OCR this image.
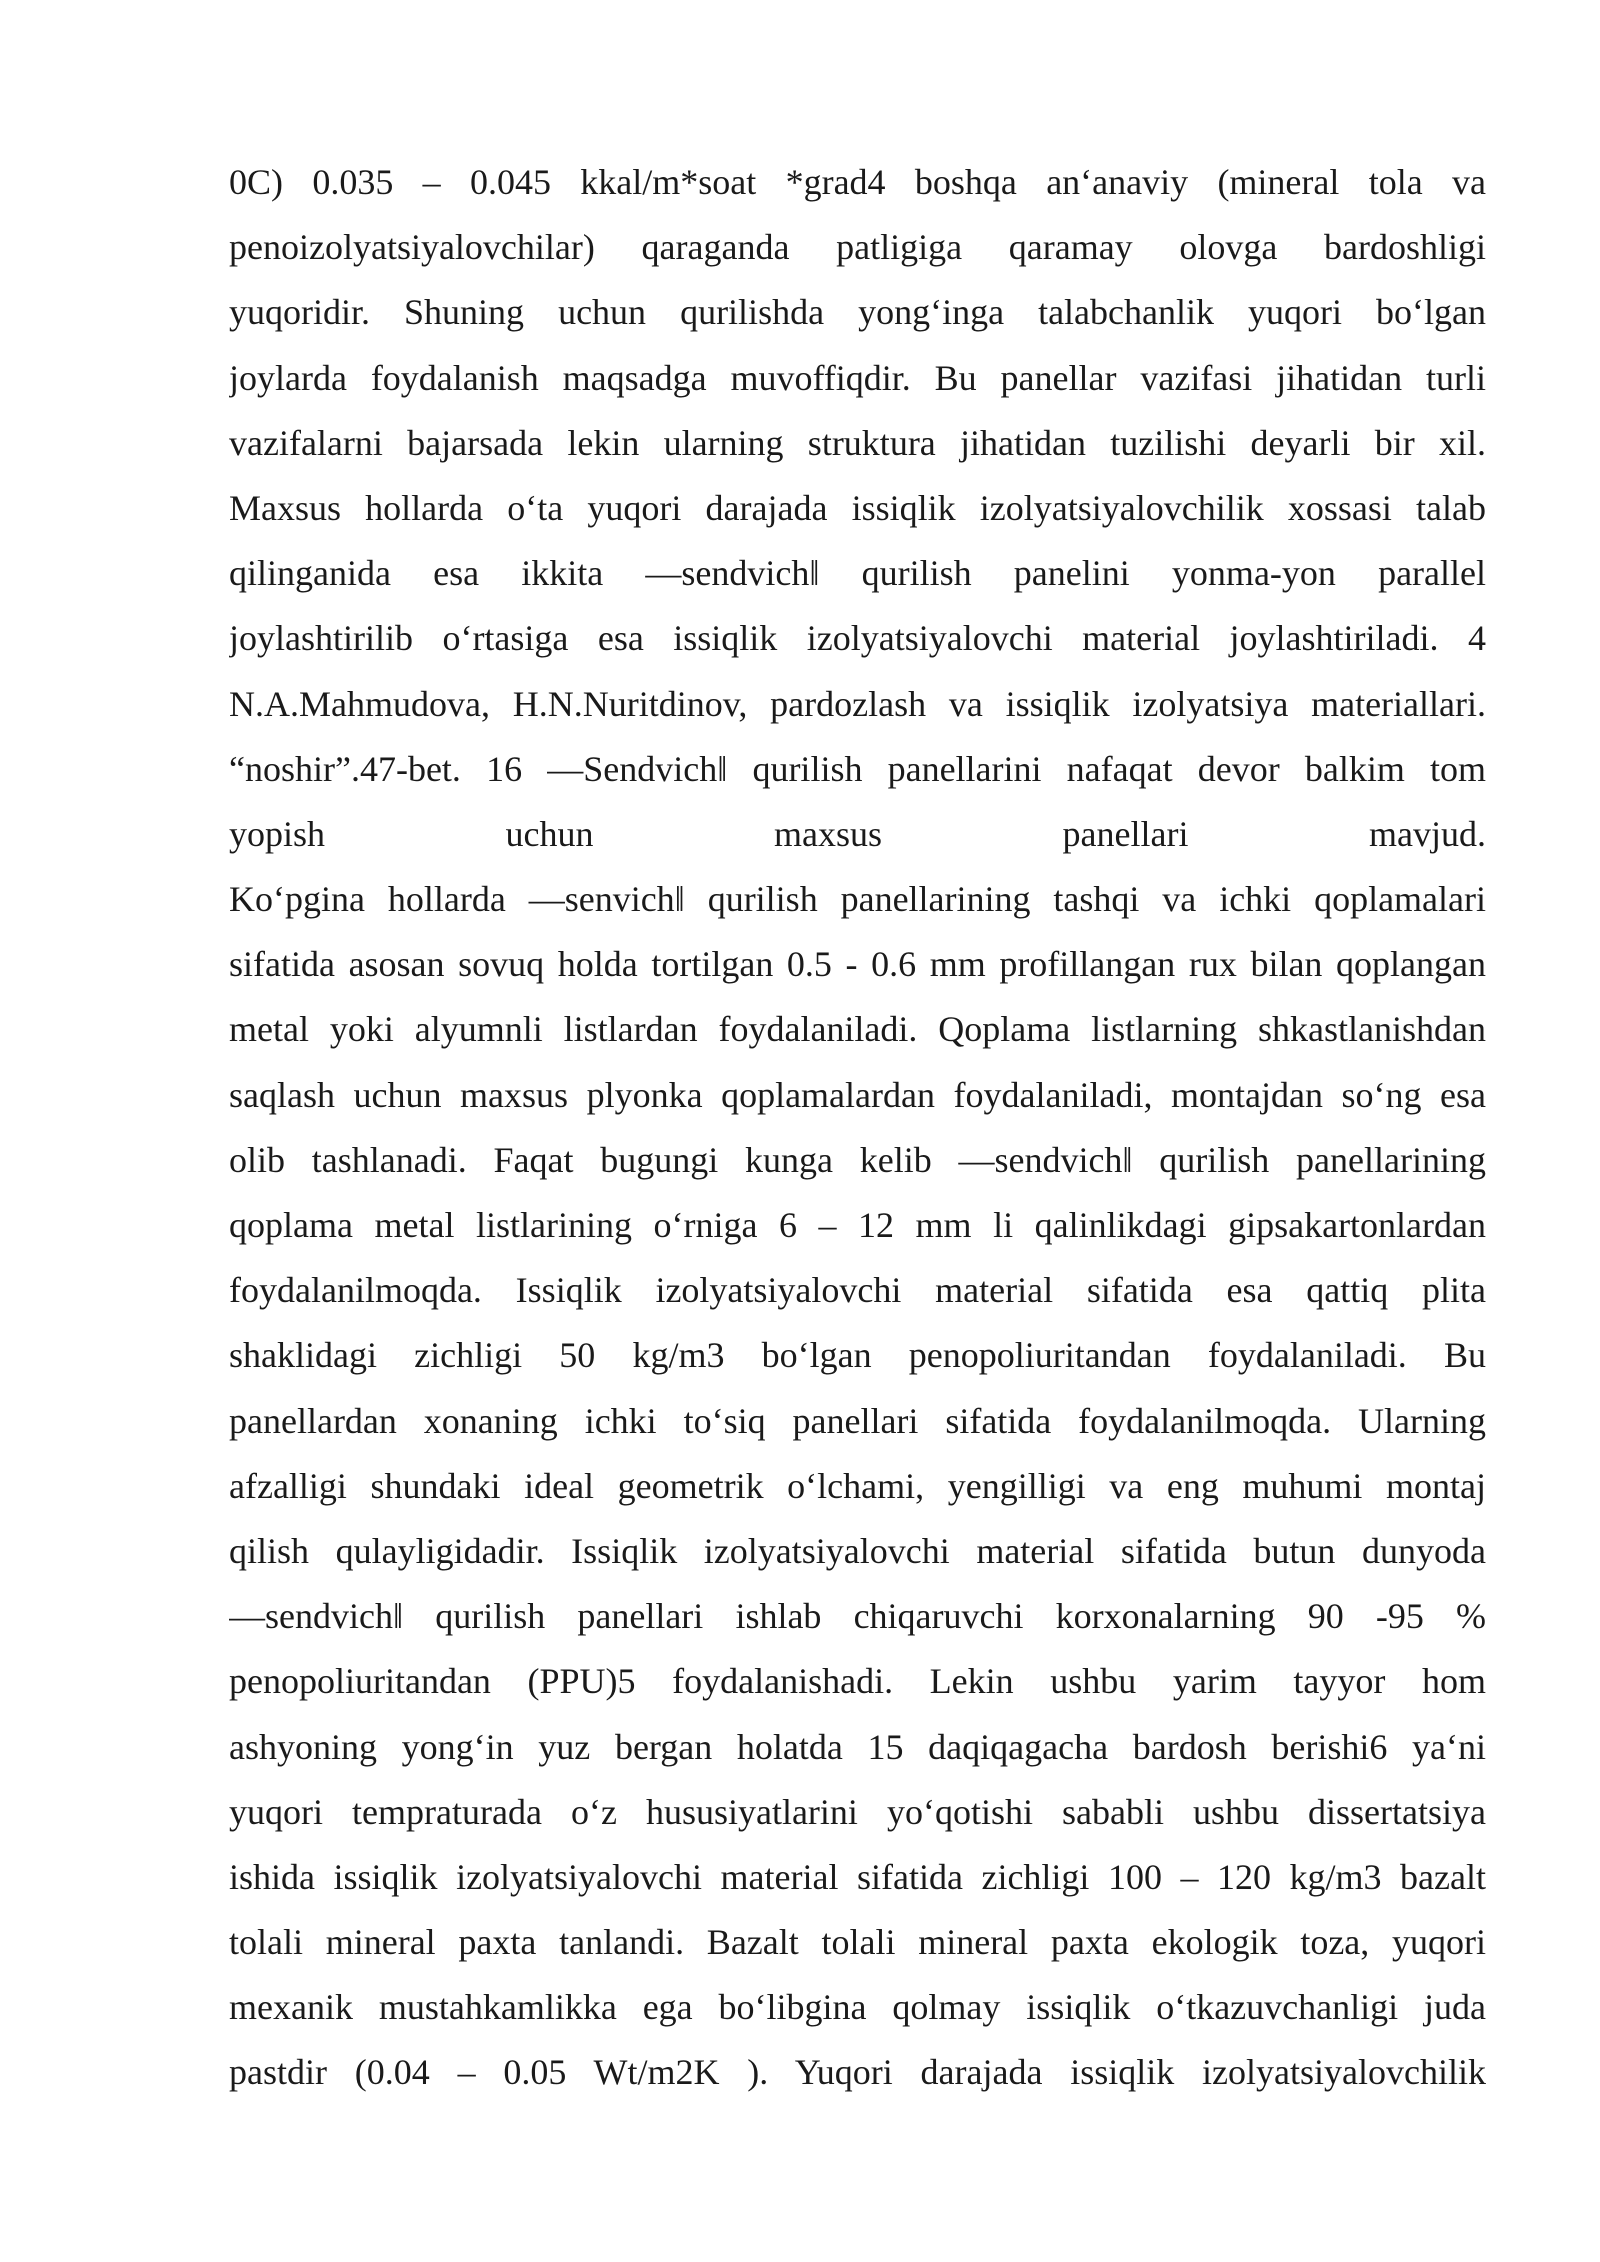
0C) 0.035 – 0.045 kkal/m*soat *grad4 boshqa an‘anaviy (mineral tola va
penoizolyatsiyalovchilar) qaraganda patligiga qaramay olovga bardoshligi
yuqoridir. Shuning uchun qurilishda yong‘inga talabchanlik yuqori bo‘lgan
joylarda foydalanish maqsadga muvoffiqdir. Bu panellar vazifasi jihatidan turli
vazifalarni bajarsada lekin ularning struktura jihatidan tuzilishi deyarli bir xil.
Maxsus hollarda o‘ta yuqori darajada issiqlik izolyatsiyalovchilik xossasi talab
qilinganida esa ikkita ―sendvich‖ qurilish panelini yonma-yon parallel
joylashtirilib o‘rtasiga esa issiqlik izolyatsiyalovchi material joylashtiriladi. 4
N.A.Mahmudova, H.N.Nuritdinov, pardozlash va issiqlik izolyatsiya materiallari.
“noshir”.47-bet. 16 ―Sendvich‖ qurilish panellarini nafaqat devor balkim tom
yopish uchun maxsus panellari mavjud.
Ko‘pgina hollarda ―senvich‖ qurilish panellarining tashqi va ichki qoplamalari
sifatida asosan sovuq holda tortilgan 0.5 - 0.6 mm profillangan rux bilan qoplangan
metal yoki alyumnli listlardan foydalaniladi. Qoplama listlarning shkastlanishdan
saqlash uchun maxsus plyonka qoplamalardan foydalaniladi, montajdan so‘ng esa
olib tashlanadi. Faqat bugungi kunga kelib ―sendvich‖ qurilish panellarining
qoplama metal listlarining o‘rniga 6 – 12 mm li qalinlikdagi gipsakartonlardan
foydalanilmoqda. Issiqlik izolyatsiyalovchi material sifatida esa qattiq plita
shaklidagi zichligi 50 kg/m3 bo‘lgan penopoliuritandan foydalaniladi. Bu
panellardan xonaning ichki to‘siq panellari sifatida foydalanilmoqda. Ularning
afzalligi shundaki ideal geometrik o‘lchami, yengilligi va eng muhumi montaj
qilish qulayligidadir. Issiqlik izolyatsiyalovchi material sifatida butun dunyoda
―sendvich‖ qurilish panellari ishlab chiqaruvchi korxonalarning 90 -95 %
penopoliuritandan (PPU)5 foydalanishadi. Lekin ushbu yarim tayyor hom
ashyoning yong‘in yuz bergan holatda 15 daqiqagacha bardosh berishi6 ya‘ni
yuqori tempraturada o‘z hususiyatlarini yo‘qotishi sababli ushbu dissertatsiya
ishida issiqlik izolyatsiyalovchi material sifatida zichligi 100 – 120 kg/m3 bazalt
tolali mineral paxta tanlandi. Bazalt tolali mineral paxta ekologik toza, yuqori
mexanik mustahkamlikka ega bo‘libgina qolmay issiqlik o‘tkazuvchanligi juda
pastdir (0.04 – 0.05 Wt/m2K ). Yuqori darajada issiqlik izolyatsiyalovchilik
